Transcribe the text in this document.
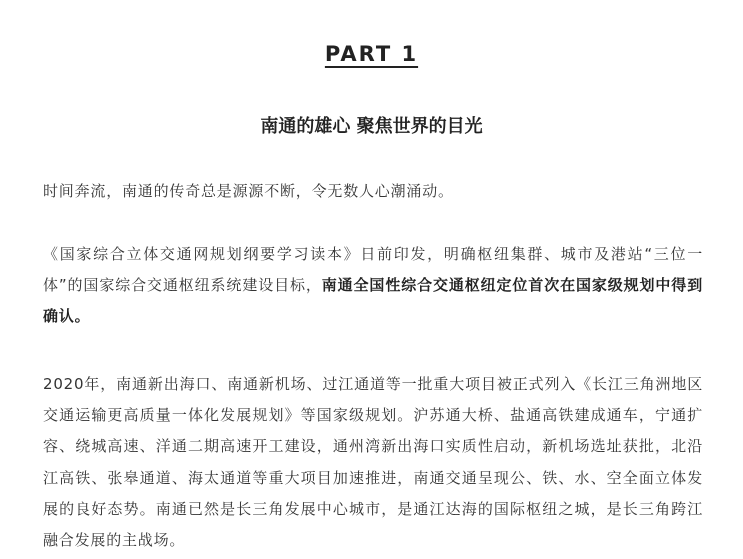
PART 1
南通的雄心 聚焦世界的目光

时间奔流，南通的传奇总是源源不断，令无数人心潮涌动。

《国家综合立体交通网规划纲要学习读本》日前印发，明确枢纽集群、城市及港站“三位一体”的国家综合交通枢纽系统建设目标，南通全国性综合交通枢纽定位首次在国家级规划中得到确认。

2020年，南通新出海口、南通新机场、过江通道等一批重大项目被正式列入《长江三角洲地区交通运输更高质量一体化发展规划》等国家级规划。沪苏通大桥、盐通高铁建成通车，宁通扩容、绕城高速、洋通二期高速开工建设，通州湾新出海口实质性启动，新机场选址获批，北沿江高铁、张皋通道、海太通道等重大项目加速推进，南通交通呈现公、铁、水、空全面立体发展的良好态势。南通已然是长三角发展中心城市，是通江达海的国际枢纽之城，是长三角跨江融合发展的主战场。
